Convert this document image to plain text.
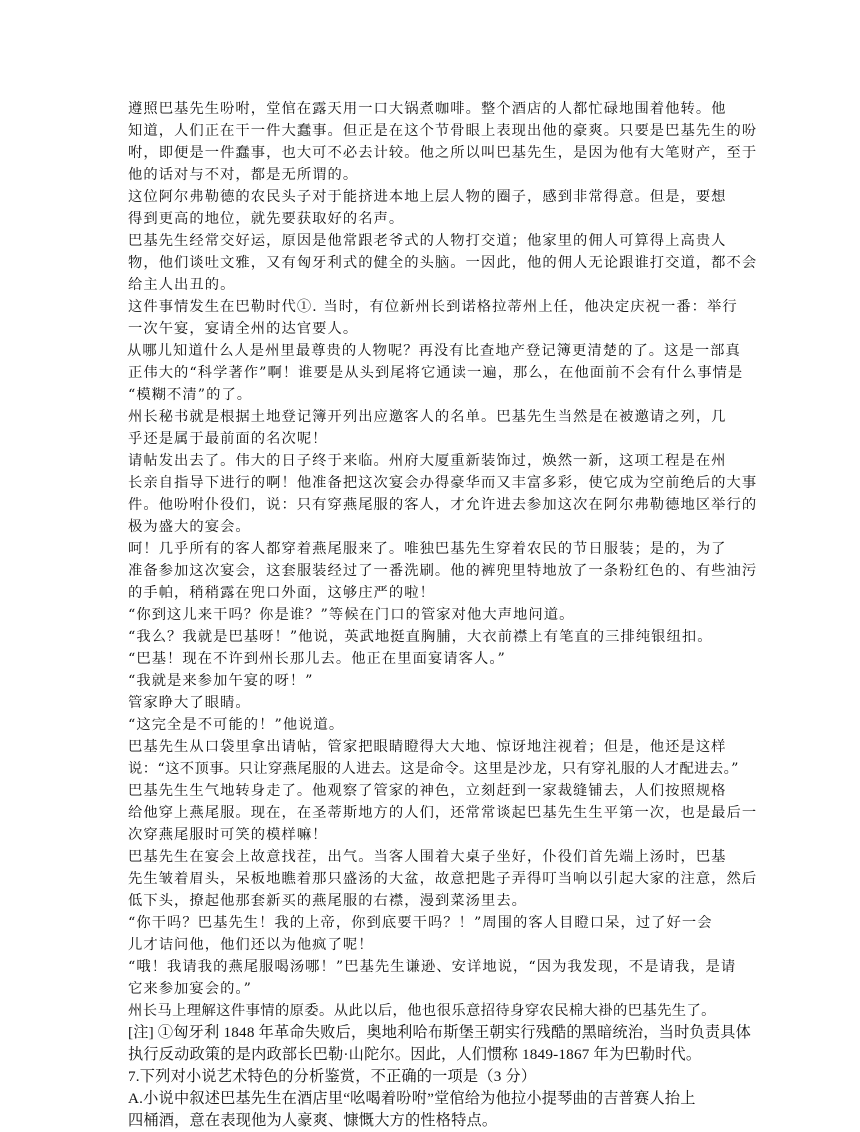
遵照巴基先生吩咐，堂倌在露天用一口大锅煮咖啡。整个酒店的人都忙碌地围着他转。他
知道，人们正在干一件大蠢事。但正是在这个节骨眼上表现出他的豪爽。只要是巴基先生的吩
咐，即便是一件蠢事，也大可不必去计较。他之所以叫巴基先生，是因为他有大笔财产，至于
他的话对与不对，都是无所谓的。
这位阿尔弗勒德的农民头子对于能挤进本地上层人物的圈子，感到非常得意。但是，要想
得到更高的地位，就先要获取好的名声。
巴基先生经常交好运，原因是他常跟老爷式的人物打交道；他家里的佣人可算得上高贵人
物，他们谈吐文雅，又有匈牙利式的健全的头脑。一因此，他的佣人无论跟谁打交道，都不会
给主人出丑的。
这件事情发生在巴勒时代①. 当时，有位新州长到诺格拉蒂州上任，他决定庆祝一番：举行
一次午宴，宴请全州的达官要人。
从哪儿知道什么人是州里最尊贵的人物呢？再没有比查地产登记簿更清楚的了。这是一部真
正伟大的“科学著作”啊！谁要是从头到尾将它通读一遍，那么，在他面前不会有什么事情是
“模糊不清”的了。
州长秘书就是根据土地登记簿开列出应邀客人的名单。巴基先生当然是在被邀请之列，几
乎还是属于最前面的名次呢！
请帖发出去了。伟大的日子终于来临。州府大厦重新装饰过，焕然一新，这项工程是在州
长亲自指导下进行的啊！他准备把这次宴会办得豪华而又丰富多彩，使它成为空前绝后的大事
件。他吩咐仆役们，说：只有穿燕尾服的客人，才允许进去参加这次在阿尔弗勒德地区举行的
极为盛大的宴会。
呵！几乎所有的客人都穿着燕尾服来了。唯独巴基先生穿着农民的节日服装；是的，为了
准备参加这次宴会，这套服装经过了一番洗刷。他的裤兜里特地放了一条粉红色的、有些油污
的手帕，稍稍露在兜口外面，这够庄严的啦！
“你到这儿来干吗？你是谁？”等候在门口的管家对他大声地问道。
“我么？我就是巴基呀！”他说，英武地挺直胸脯，大衣前襟上有笔直的三排纯银纽扣。
“巴基！现在不许到州长那儿去。他正在里面宴请客人。”
“我就是来参加午宴的呀！”
管家睁大了眼睛。
“这完全是不可能的！”他说道。
巴基先生从口袋里拿出请帖，管家把眼睛瞪得大大地、惊讶地注视着；但是，他还是这样
说：“这不顶事。只让穿燕尾服的人进去。这是命令。这里是沙龙，只有穿礼服的人才配进去。”
巴基先生生气地转身走了。他观察了管家的神色，立刻赶到一家裁缝铺去，人们按照规格
给他穿上燕尾服。现在，在圣蒂斯地方的人们，还常常谈起巴基先生生平第一次，也是最后一
次穿燕尾服时可笑的模样嘛！
巴基先生在宴会上故意找茬，出气。当客人围着大桌子坐好，仆役们首先端上汤时，巴基
先生皱着眉头，呆板地瞧着那只盛汤的大盆，故意把匙子弄得叮当响以引起大家的注意，然后
低下头，撩起他那套新买的燕尾服的右襟，漫到菜汤里去。
“你干吗？巴基先生！我的上帝，你到底要干吗？！”周围的客人目瞪口呆，过了好一会
儿才诘问他，他们还以为他疯了呢！
“哦！我请我的燕尾服喝汤哪！”巴基先生谦逊、安详地说，“因为我发现，不是请我，是请
它来参加宴会的。”
州长马上理解这件事情的原委。从此以后，他也很乐意招待身穿农民棉大褂的巴基先生了。
[注] ①匈牙利 1848 年革命失败后，奥地利哈布斯堡王朝实行残酷的黑暗统治，当时负责具体
执行反动政策的是内政部长巴勒·山陀尔。因此，人们惯称 1849-1867 年为巴勒时代。
7.下列对小说艺术特色的分析鉴赏，不正确的一项是（3 分）
A.小说中叙述巴基先生在酒店里“吆喝着吩咐”堂倌给为他拉小提琴曲的吉普赛人抬上
四桶酒，意在表现他为人豪爽、慷慨大方的性格特点。
